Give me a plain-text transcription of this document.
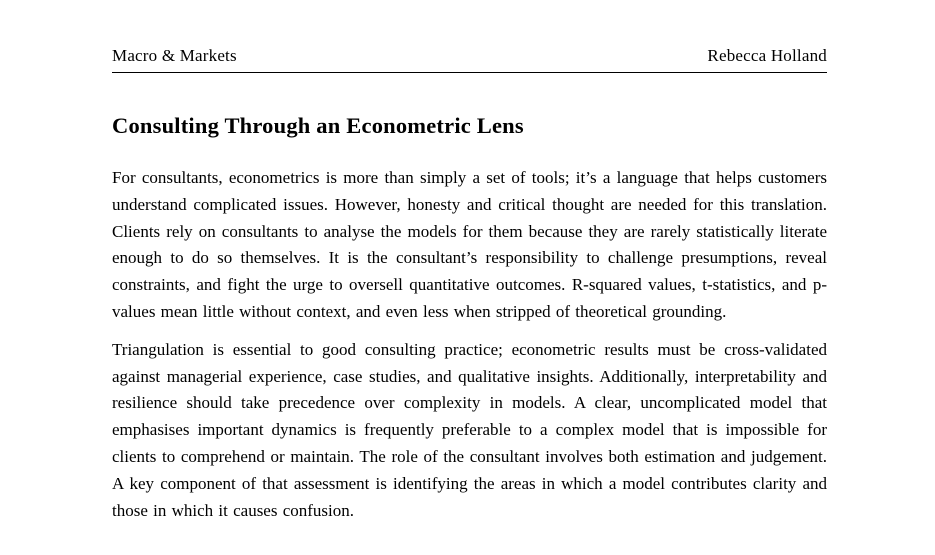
Macro & Markets	Rebecca Holland
Consulting Through an Econometric Lens

For consultants, econometrics is more than simply a set of tools; it’s a language that helps customers understand complicated issues. However, honesty and critical thought are needed for this translation. Clients rely on consultants to analyse the models for them because they are rarely statistically literate enough to do so themselves. It is the consultant’s responsibility to challenge presumptions, reveal constraints, and fight the urge to oversell quantitative outcomes. R-squared values, t-statistics, and p-values mean little without context, and even less when stripped of theoretical grounding.

Triangulation is essential to good consulting practice; econometric results must be cross-validated against managerial experience, case studies, and qualitative insights. Additionally, interpretability and resilience should take precedence over complexity in models. A clear, uncomplicated model that emphasises important dynamics is frequently preferable to a complex model that is impossible for clients to comprehend or maintain. The role of the consultant involves both estimation and judgement. A key component of that assessment is identifying the areas in which a model contributes clarity and those in which it causes confusion.
